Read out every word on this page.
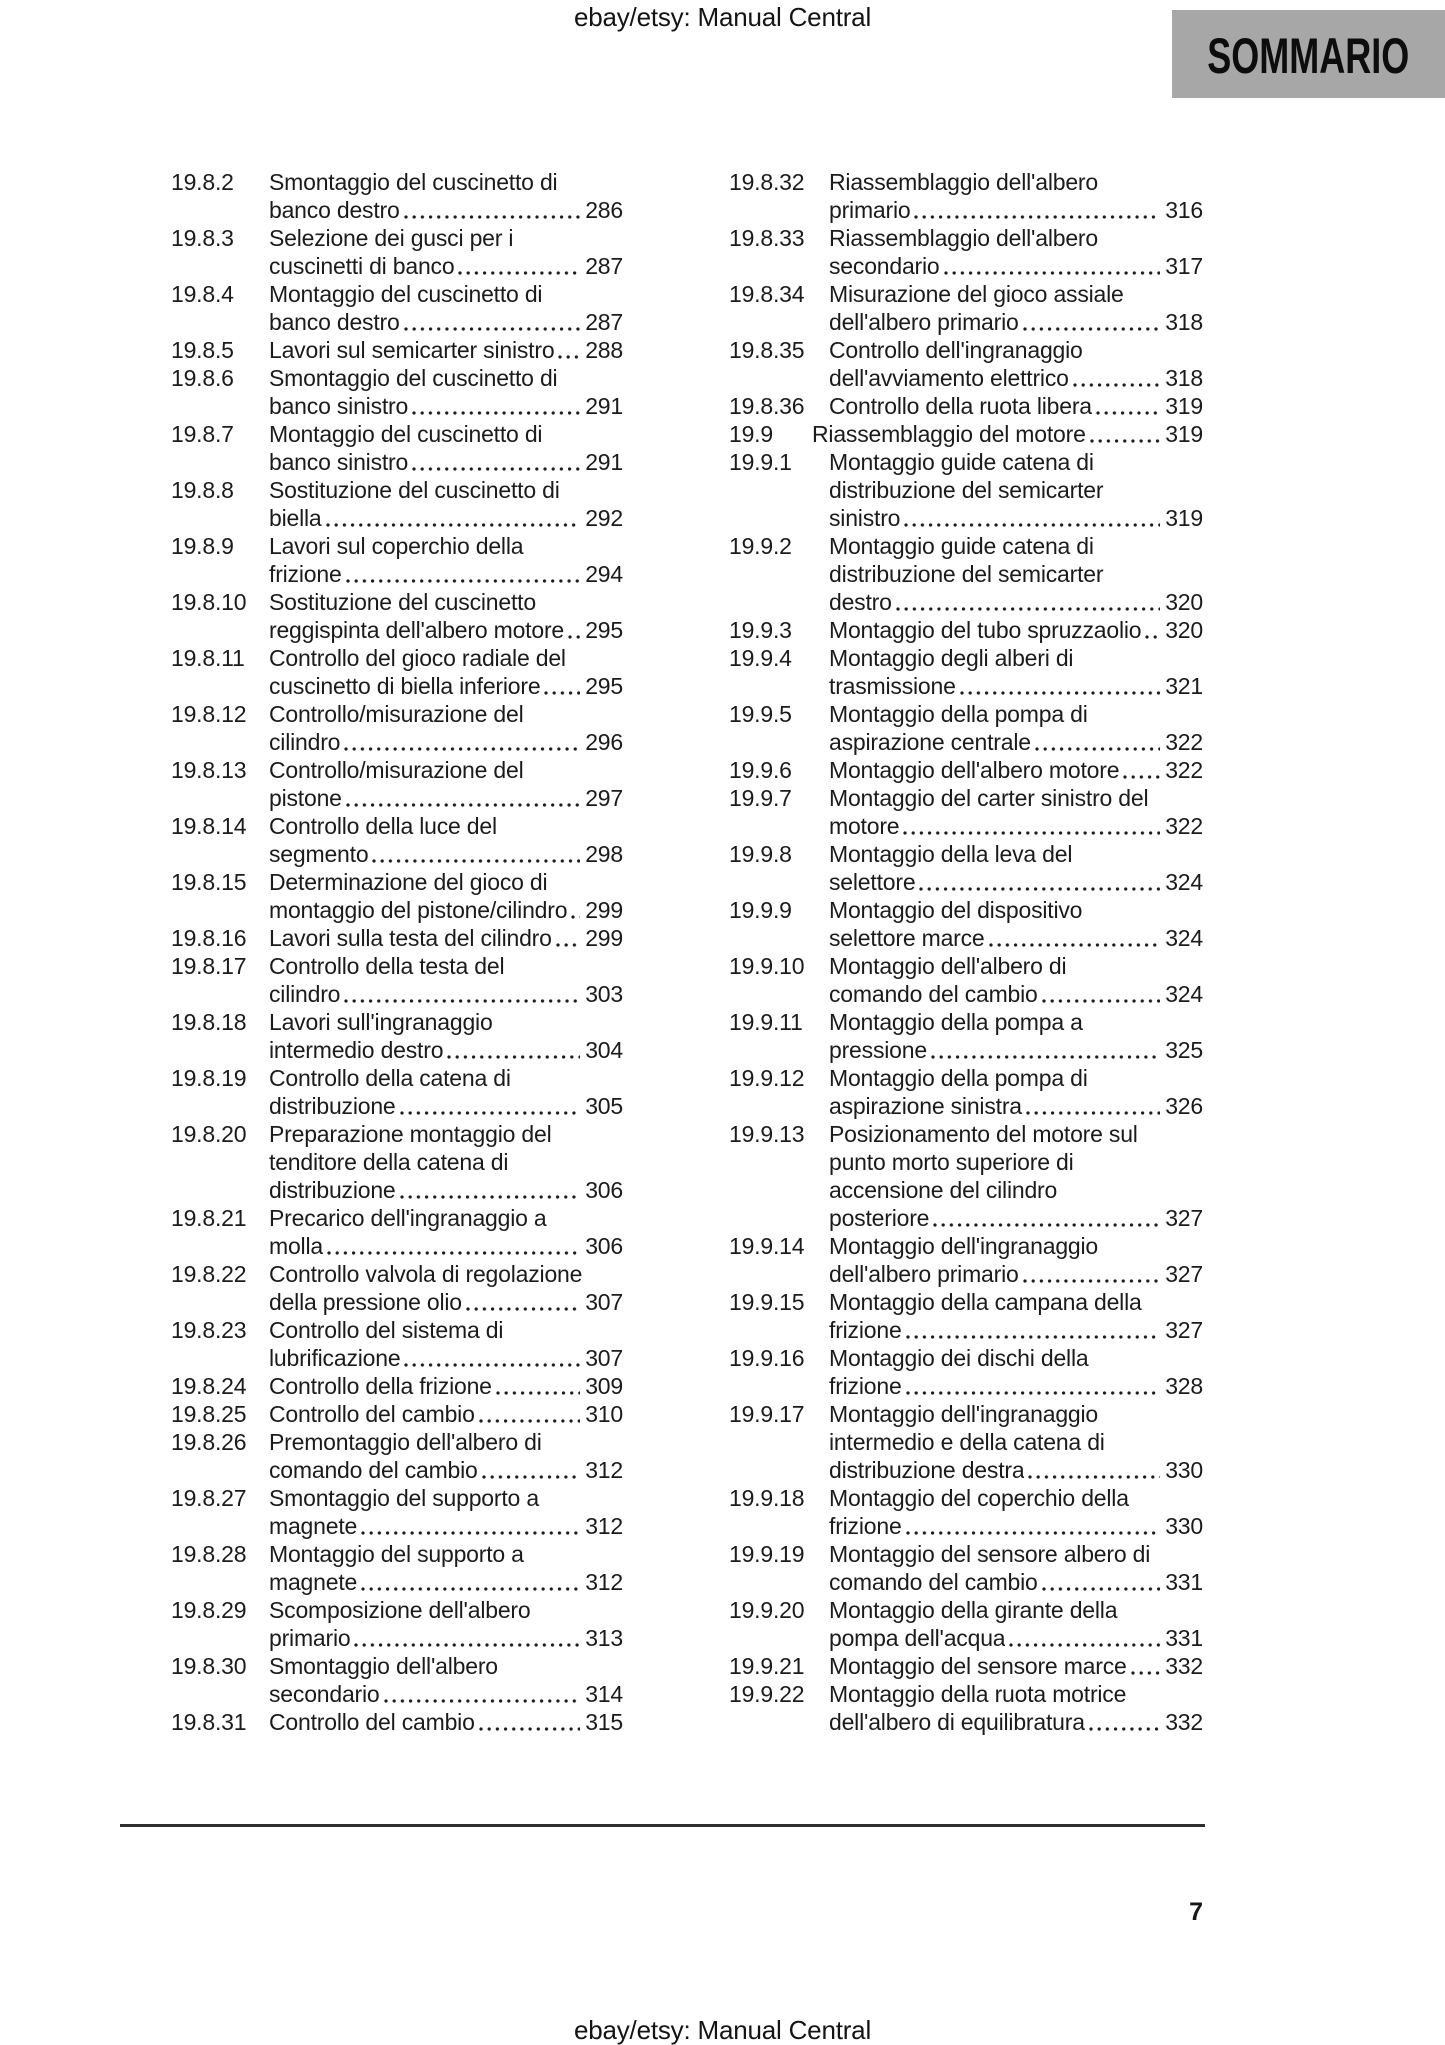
ebay/etsy: Manual Central
SOMMARIO
19.8.2	Smontaggio del cuscinetto di
banco destro	286
19.8.3	Selezione dei gusci per i
cuscinetti di banco	287
19.8.4	Montaggio del cuscinetto di
banco destro	287
19.8.5	Lavori sul semicarter sinistro 288
19.8.6	Smontaggio del cuscinetto di
banco sinistro	291
19.8.7	Montaggio del cuscinetto di
banco sinistro	291
19.8.8	Sostituzione del cuscinetto di
biella	292
19.8.9	Lavori sul coperchio della
frizione	294
19.8.10 Sostituzione del cuscinetto
reggispinta dell'albero motore 295
19.8.11	Controllo del gioco radiale del
cuscinetto di biella inferiore 295
19.8.12 Controllo/misurazione del
cilindro	296
19.8.13 Controllo/misurazione del
pistone	297
19.8.14 Controllo della luce del
segmento	298
19.8.15 Determinazione del gioco di
montaggio del pistone/cilindro 299
19.8.16 Lavori sulla testa del cilindro 299
19.8.17 Controllo della testa del
cilindro	303
19.8.18 Lavori sull'ingranaggio
intermedio destro	304
19.8.19 Controllo della catena di
distribuzione	305
19.8.20 Preparazione montaggio del
tenditore della catena di
distribuzione	306
19.8.21 Precarico dell'ingranaggio a
molla	306
19.8.22 Controllo valvola di regolazione
della pressione olio	307
19.8.23 Controllo del sistema di
lubrificazione	307
19.8.24 Controllo della frizione	309
19.8.25 Controllo del cambio	310
19.8.26 Premontaggio dell'albero di
comando del cambio	312
19.8.27 Smontaggio del supporto a
magnete	312
19.8.28 Montaggio del supporto a
magnete	312
19.8.29 Scomposizione dell'albero
primario	313
19.8.30 Smontaggio dell'albero
secondario	314
19.8.31 Controllo del cambio	315
19.8.32	Riassemblaggio dell'albero
primario	316
19.8.33	Riassemblaggio dell'albero
secondario	317
19.8.34	Misurazione del gioco assiale
dell'albero primario	318
19.8.35	Controllo dell'ingranaggio
dell'avviamento elettrico	318
19.8.36	Controllo della ruota libera	319
19.9	Riassemblaggio del motore	319
19.9.1	Montaggio guide catena di
distribuzione del semicarter
sinistro	319
19.9.2	Montaggio guide catena di
distribuzione del semicarter
destro	320
19.9.3	Montaggio del tubo spruzzaolio 320
19.9.4	Montaggio degli alberi di
trasmissione	321
19.9.5	Montaggio della pompa di
aspirazione centrale	322
19.9.6	Montaggio dell'albero motore 322
19.9.7	Montaggio del carter sinistro del
motore	322
19.9.8	Montaggio della leva del
selettore	324
19.9.9	Montaggio del dispositivo
selettore marce	324
19.9.10	Montaggio dell'albero di
comando del cambio	324
19.9.11	Montaggio della pompa a
pressione	325
19.9.12	Montaggio della pompa di
aspirazione sinistra	326
19.9.13	Posizionamento del motore sul
punto morto superiore di
accensione del cilindro
posteriore	327
19.9.14	Montaggio dell'ingranaggio
dell'albero primario	327
19.9.15	Montaggio della campana della
frizione	327
19.9.16	Montaggio dei dischi della
frizione	328
19.9.17	Montaggio dell'ingranaggio
intermedio e della catena di
distribuzione destra	330
19.9.18	Montaggio del coperchio della
frizione	330
19.9.19	Montaggio del sensore albero di
comando del cambio	331
19.9.20	Montaggio della girante della
pompa dell'acqua	331
19.9.21	Montaggio del sensore marce 332
19.9.22	Montaggio della ruota motrice
dell'albero di equilibratura	332
7
ebay/etsy: Manual Central
